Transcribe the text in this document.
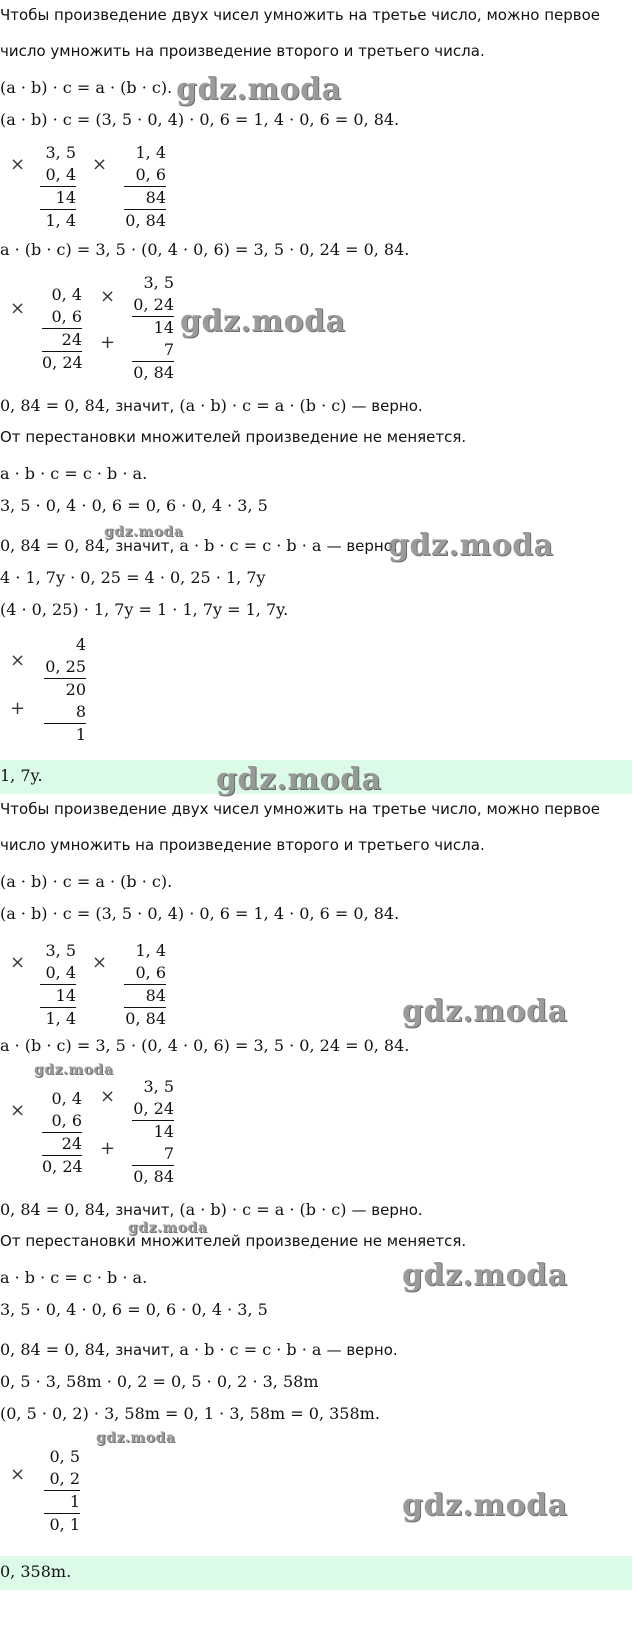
Чтобы произведение двух чисел умножить на третье число, можно первое
число умножить на произведение второго и третьего числа.
(a · b) · c = a · (b · c).
(a · b) · c = (3, 5 · 0, 4) · 0, 6 = 1, 4 · 0, 6 = 0, 84.
×
3, 5
0, 4
14
1, 4
×
1, 4
0, 6
84
0, 84
a · (b · c) = 3, 5 · (0, 4 · 0, 6) = 3, 5 · 0, 24 = 0, 84.
×
0, 4
0, 6
24
0, 24
×
+
3, 5
0, 24
14
7
0, 84
0, 84 = 0, 84, значит, (a · b) · c = a · (b · c) — верно.
От перестановки множителей произведение не меняется.
a · b · c = c · b · a.
3, 5 · 0, 4 · 0, 6 = 0, 6 · 0, 4 · 3, 5
0, 84 = 0, 84, значит, a · b · c = c · b · a — верно.
4 · 1, 7y · 0, 25 = 4 · 0, 25 · 1, 7y
(4 · 0, 25) · 1, 7y = 1 · 1, 7y = 1, 7y.
×
+
4
0, 25
20
8
1
1, 7y.
Чтобы произведение двух чисел умножить на третье число, можно первое
число умножить на произведение второго и третьего числа.
(a · b) · c = a · (b · c).
(a · b) · c = (3, 5 · 0, 4) · 0, 6 = 1, 4 · 0, 6 = 0, 84.
×
3, 5
0, 4
14
1, 4
×
1, 4
0, 6
84
0, 84
a · (b · c) = 3, 5 · (0, 4 · 0, 6) = 3, 5 · 0, 24 = 0, 84.
×
0, 4
0, 6
24
0, 24
×
+
3, 5
0, 24
14
7
0, 84
0, 84 = 0, 84, значит, (a · b) · c = a · (b · c) — верно.
От перестановки множителей произведение не меняется.
a · b · c = c · b · a.
3, 5 · 0, 4 · 0, 6 = 0, 6 · 0, 4 · 3, 5
0, 84 = 0, 84, значит, a · b · c = c · b · a — верно.
0, 5 · 3, 58m · 0, 2 = 0, 5 · 0, 2 · 3, 58m
(0, 5 · 0, 2) · 3, 58m = 0, 1 · 3, 58m = 0, 358m.
×
0, 5
0, 2
1
0, 1
0, 358m.
gdz.moda
gdz.moda
gdz.moda	gdz.moda
gdz.moda
gdz.moda
gdz.moda
gdz.moda
gdz.moda
gdz.moda
gdz.moda
